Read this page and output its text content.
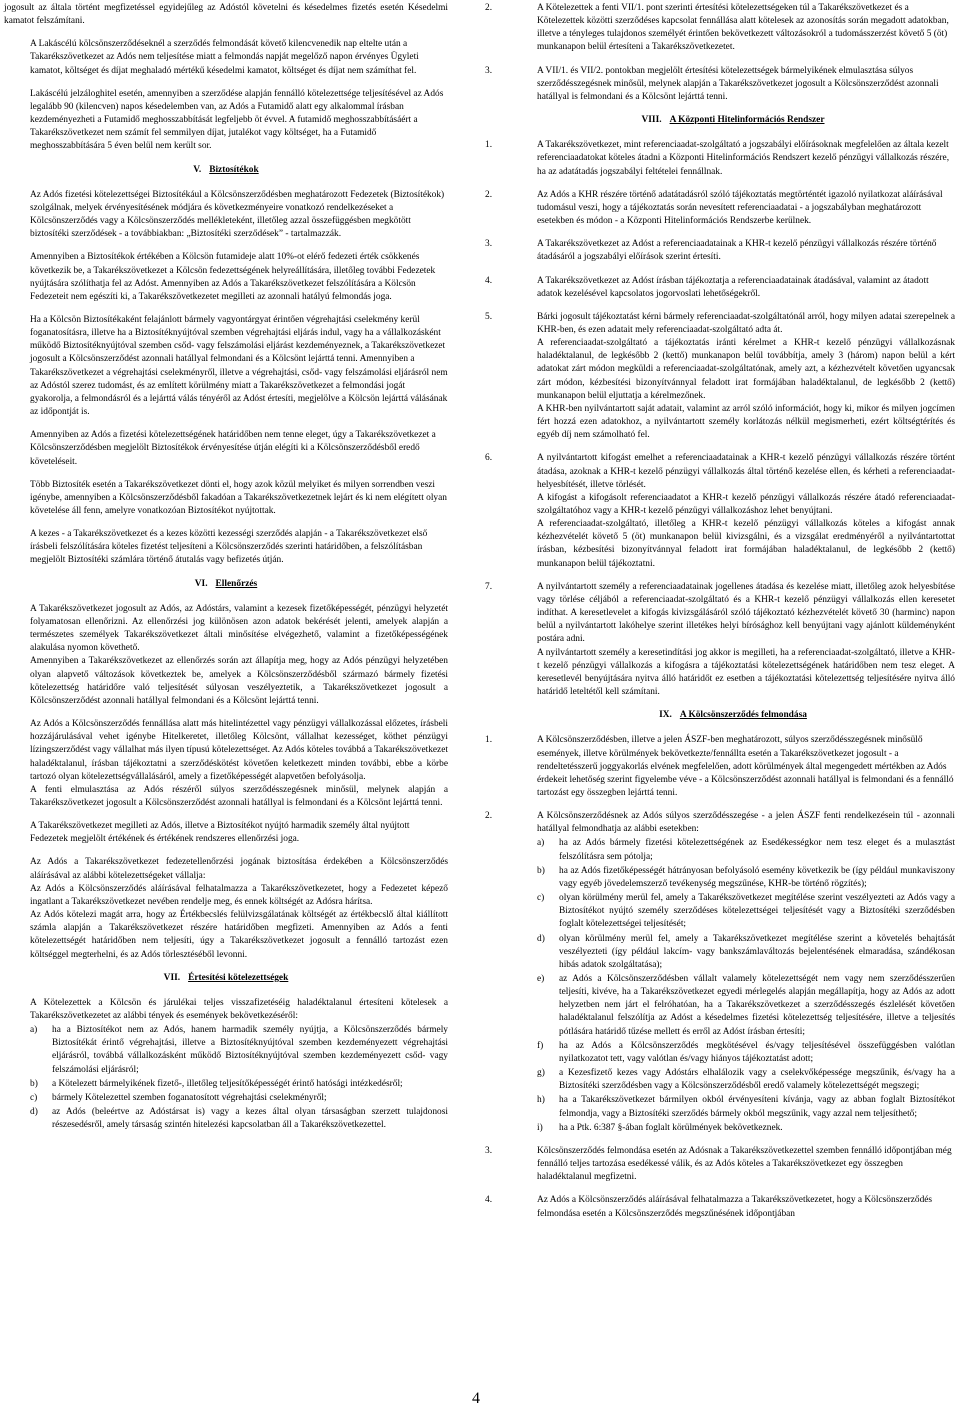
jogosult az általa történt megfizetéssel egyidejűleg az Adóstól követelni és késedelmes fizetés esetén Késedelmi kamatot felszámítani.

A Lakáscélú kölcsönszerződéseknél a szerződés felmondását követő kilencvenedik nap eltelte után a Takarékszövetkezet az Adós nem teljesítése miatt a felmondás napját megelőző napon érvényes Ügyleti kamatot, költséget és díjat meghaladó mértékű késedelmi kamatot, költséget és díjat nem számíthat fel.
Lakáscélú jelzáloghitel esetén, amennyiben a szerződése alapján fennálló kötelezettsége teljesítésével az Adós legalább 90 (kilencven) napos késedelemben van, az Adós a Futamidő alatt egy alkalommal írásban kezdeményezheti a Futamidő meghosszabbítását legfeljebb öt évvel. A futamidő meghosszabbításáért a Takarékszövetkezet nem számít fel semmilyen díjat, jutalékot vagy költséget, ha a Futamidő meghosszabbítására 5 éven belül nem került sor.
V. Biztosítékok
Az Adós fizetési kötelezettségei Biztosítékául a Kölcsönszerződésben meghatározott Fedezetek (Biztosítékok) szolgálnak, melyek érvényesítésének módjára és következményeire vonatkozó rendelkezéseket a Kölcsönszerződés vagy a Kölcsönszerződés mellékleteként, illetőleg azzal összefüggésben megkötött biztosítéki szerződések - a továbbiakban: „Biztosítéki szerződések” - tartalmazzák.
Amennyiben a Biztosítékok értékében a Kölcsön futamideje alatt 10%-ot elérő fedezeti érték csökkenés következik be, a Takarékszövetkezet a Kölcsön fedezettségének helyreállítására, illetőleg további Fedezetek nyújtására szólíthatja fel az Adóst. Amennyiben az Adós a Takarékszövetkezet felszólítására a Kölcsön Fedezeteit nem egészíti ki, a Takarékszövetkezetet megilleti az azonnali hatályú felmondás joga.
Ha a Kölcsön Biztosítékaként felajánlott bármely vagyontárgyat érintően végrehajtási cselekmény kerül foganatosításra, illetve ha a Biztosítéknyújtóval szemben végrehajtási eljárás indul, vagy ha a vállalkozásként működő Biztosítéknyújtóval szemben csőd- vagy felszámolási eljárást kezdeményeznek, a Takarékszövetkezet jogosult a Kölcsönszerződést azonnali hatállyal felmondani és a Kölcsönt lejárttá tenni. Amennyiben a Takarékszövetkezet a végrehajtási cselekményről, illetve a végrehajtási, csőd- vagy felszámolási eljárásról nem az Adóstól szerez tudomást, és az említett körülmény miatt a Takarékszövetkezet a felmondási jogát gyakorolja, a felmondásról és a lejárttá válás tényéről az Adóst értesíti, megjelölve a Kölcsön lejárttá válásának az időpontját is.
Amennyiben az Adós a fizetési kötelezettségének határidőben nem tenne eleget, úgy a Takarékszövetkezet a Kölcsönszerződésben megjelölt Biztosítékok érvényesítése útján elégíti ki a Kölcsönszerződésből eredő követeléseit.
Több Biztosíték esetén a Takarékszövetkezet dönti el, hogy azok közül melyiket és milyen sorrendben veszi igénybe, amennyiben a Kölcsönszerződésből fakadóan a Takarékszövetkezetnek lejárt és ki nem elégített olyan követelése áll fenn, amelyre vonatkozóan Biztosítékot nyújtottak.
A kezes - a Takarékszövetkezet és a kezes közötti kezességi szerződés alapján - a Takarékszövetkezet első írásbeli felszólítására köteles fizetést teljesíteni a Kölcsönszerződés szerinti határidőben, a felszólításban megjelölt Biztosítéki számlára történő átutalás vagy befizetés útján.
VI. Ellenőrzés

A Takarékszövetkezet jogosult az Adós, az Adóstárs, valamint a kezesek fizetőképességét, pénzügyi helyzetét folyamatosan ellenőrizni. Az ellenőrzési jog különösen azon adatok bekérését jelenti, amelyek alapján a természetes személyek Takarékszövetkezet általi minősítése elvégezhető, valamint a fizetőképességének alakulása nyomon követhető.

Amennyiben a Takarékszövetkezet az ellenőrzés során azt állapítja meg, hogy az Adós pénzügyi helyzetében olyan alapvető változások következtek be, amelyek a Kölcsönszerződésből származó bármely fizetési kötelezettség határidőre való teljesítését súlyosan veszélyeztetik, a Takarékszövetkezet jogosult a Kölcsönszerződést azonnali hatállyal felmondani és a Kölcsönt lejárttá tenni.

Az Adós a Kölcsönszerződés fennállása alatt más hitelintézettel vagy pénzügyi vállalkozással előzetes, írásbeli hozzájárulásával vehet igénybe Hitelkeretet, illetőleg Kölcsönt, vállalhat kezességet, köthet pénzügyi lízingszerződést vagy vállalhat más ilyen típusú kötelezettséget. Az Adós köteles továbbá a Takarékszövetkezet haladéktalanul, írásban tájékoztatni a szerződéskötést követően keletkezett minden további, ebbe a körbe tartozó olyan kötelezettségvállalásáról, amely a fizetőképességét alapvetően befolyásolja.

A fenti elmulasztása az Adós részéről súlyos szerződésszegésnek minősül, melynek alapján a Takarékszövetkezet jogosult a Kölcsönszerződést azonnali hatállyal is felmondani és a Kölcsönt lejárttá tenni.

A Takarékszövetkezet megilleti az Adós, illetve a Biztosítékot nyújtó harmadik személy által nyújtott Fedezetek megjelölt értékének és értékének rendszeres ellenőrzési joga.

Az Adós a Takarékszövetkezet fedezetellenőrzési jogának biztosítása érdekében a Kölcsönszerződés aláírásával az alábbi kötelezettségeket vállalja:

Az Adós a Kölcsönszerződés aláírásával felhatalmazza a Takarékszövetkezetet, hogy a Fedezetet képező ingatlant a Takarékszövetkezet nevében rendelje meg, és ennek költségét az Adósra hárítsa.

Az Adós kötelezi magát arra, hogy az Értékbecslés felülvizsgálatának költségét az értékbecslő által kiállított számla alapján a Takarékszövetkezet részére határidőben megfizeti. Amennyiben az Adós a fenti kötelezettségét határidőben nem teljesíti, úgy a Takarékszövetkezet jogosult a fennálló tartozást ezen költséggel megterhelni, és az Adós törlesztéséből levonni.

VII. Értesítési kötelezettségek

A Kötelezettek a Kölcsön és járulékai teljes visszafizetéséig haladéktalanul értesíteni kötelesek a Takarékszövetkezetet az alábbi tények és események bekövetkezéséről:

a)	ha a Biztosítékot nem az Adós, hanem harmadik személy nyújtja, a Kölcsönszerződés bármely Biztosítékát érintő végrehajtási, illetve a Biztosítéknyújtóval szemben kezdeményezett végrehajtási eljárásról, továbbá vállalkozásként működő Biztosítéknyújtóval szemben kezdeményezett csőd- vagy felszámolási eljárásról;
b)	a Kötelezett bármelyikének fizető-, illetőleg teljesítőképességét érintő hatósági intézkedésről;
c)	bármely Kötelezettel szemben foganatosított végrehajtási cselekményről;
d)	az Adós (beleértve az Adóstársat is) vagy a kezes által olyan társaságban szerzett tulajdonosi részesedésről, amely társaság szintén hitelezési kapcsolatban áll a Takarékszövetkezettel.
2.	A Kötelezettek a fenti VII/1. pont szerinti értesítési kötelezettségeken túl a Takarékszövetkezet és a Kötelezettek közötti szerződéses kapcsolat fennállása alatt kötelesek az azonosítás során megadott adatokban, illetve a tényleges tulajdonos személyét érintően bekövetkezett változásokról a tudomásszerzést követő 5 (öt) munkanapon belül értesíteni a Takarékszövetkezetet.
3.	A VII/1. és VII/2. pontokban megjelölt értesítési kötelezettségek bármelyikének elmulasztása súlyos szerződésszegésnek minősül, melynek alapján a Takarékszövetkezet jogosult a Kölcsönszerződést azonnali hatállyal is felmondani és a Kölcsönt lejárttá tenni.
VIII. A Központi Hitelinformációs Rendszer
1.	A Takarékszövetkezet, mint referenciaadat-szolgáltató a jogszabályi előírásoknak megfelelően az általa kezelt referenciaadatokat köteles átadni a Központi Hitelinformációs Rendszert kezelő pénzügyi vállalkozás részére, ha az adatátadás jogszabályi feltételei fennállnak.
2.	Az Adós a KHR részére történő adatátadásról szóló tájékoztatás megtörténtét igazoló nyilatkozat aláírásával tudomásul veszi, hogy a tájékoztatás során nevesített referenciaadatai - a jogszabályban meghatározott esetekben és módon - a Központi Hitelinformációs Rendszerbe kerülnek.
3.	A Takarékszövetkezet az Adóst a referenciaadatainak a KHR-t kezelő pénzügyi vállalkozás részére történő átadásáról a jogszabályi előírások szerint értesíti.
4.	A Takarékszövetkezet az Adóst írásban tájékoztatja a referenciaadatainak átadásával, valamint az átadott adatok kezelésével kapcsolatos jogorvoslati lehetőségekről.

5.	Bárki jogosult tájékoztatást kérni bármely referenciaadat-szolgáltatónál arról, hogy milyen adatai szerepelnek a KHR-ben, és ezen adatait mely referenciaadat-szolgáltató adta át.

A referenciaadat-szolgáltató a tájékoztatás iránti kérelmet a KHR-t kezelő pénzügyi vállalkozásnak haladéktalanul, de legkésőbb 2 (kettő) munkanapon belül továbbítja, amely 3 (három) napon belül a kért adatokat zárt módon megküldi a referenciaadat-szolgáltatónak, amely azt, a kézhezvételt követően ugyancsak zárt módon, kézbesítési bizonyítvánnyal feladott irat formájában haladéktalanul, de legkésőbb 2 (kettő) munkanapon belül eljuttatja a kérelmezőnek.

A KHR-ben nyilvántartott saját adatait, valamint az arról szóló információt, hogy ki, mikor és milyen jogcímen fért hozzá ezen adatokhoz, a nyilvántartott személy korlátozás nélkül megismerheti, ezért költségtérítés és egyéb díj nem számolható fel.

6.	A nyilvántartott kifogást emelhet a referenciaadatainak a KHR-t kezelő pénzügyi vállalkozás részére történt átadása, azoknak a KHR-t kezelő pénzügyi vállalkozás által történő kezelése ellen, és kérheti a referenciaadat-helyesbítését, illetve törlését.

A kifogást a kifogásolt referenciaadatot a KHR-t kezelő pénzügyi vállalkozás részére átadó referenciaadat-szolgáltatóhoz vagy a KHR-t kezelő pénzügyi vállalkozáshoz lehet benyújtani.

A referenciaadat-szolgáltató, illetőleg a KHR-t kezelő pénzügyi vállalkozás köteles a kifogást annak kézhezvételét követő 5 (öt) munkanapon belül kivizsgálni, és a vizsgálat eredményéről a nyilvántartottat írásban, kézbesítési bizonyítvánnyal feladott irat formájában haladéktalanul, de legkésőbb 2 (kettő) munkanapon belül tájékoztatni.

7.	A nyilvántartott személy a referenciaadatainak jogellenes átadása és kezelése miatt, illetőleg azok helyesbítése vagy törlése céljából a referenciaadat-szolgáltató és a KHR-t kezelő pénzügyi vállalkozás ellen keresetet indíthat. A keresetlevelet a kifogás kivizsgálásáról szóló tájékoztató kézhezvételét követő 30 (harminc) napon belül a nyilvántartott lakóhelye szerint illetékes helyi bírósághoz kell benyújtani vagy ajánlott küldeményként postára adni.

A nyilvántartott személy a keresetindítási jog akkor is megilleti, ha a referenciaadat-szolgáltató, illetve a KHR-t kezelő pénzügyi vállalkozás a kifogásra a tájékoztatási kötelezettségének határidőben nem tesz eleget. A keresetlevél benyújtására nyitva álló határidőt ez esetben a tájékoztatási kötelezettség teljesítésére nyitva álló határidő leteltétől kell számítani.

IX. A Kölcsönszerződés felmondása
1.	A Kölcsönszerződésben, illetve a jelen ÁSZF-ben meghatározott, súlyos szerződésszegésnek minősülő események, illetve körülmények bekövetkezte/fennállta esetén a Takarékszövetkezet jogosult - a rendeltetésszerű joggyakorlás elvének megfelelően, adott körülmények által megengedett mértékben az Adós érdekeit lehetőség szerint figyelembe véve - a Kölcsönszerződést azonnali hatállyal is felmondani és a fennálló tartozást egy összegben lejárttá tenni.

2.	A Kölcsönszerződésnek az Adós súlyos szerződésszegése - a jelen ÁSZF fenti rendelkezésein túl - azonnali hatállyal felmondhatja az alábbi esetekben:

a)	ha az Adós bármely fizetési kötelezettségének az Esedékességkor nem tesz eleget és a mulasztást felszólításra sem pótolja;
b)	ha az Adós fizetőképességét hátrányosan befolyásoló esemény következik be (így például munkaviszony vagy egyéb jövedelemszerző tevékenység megszűnése, KHR-be történő rögzítés);
c)	olyan körülmény merül fel, amely a Takarékszövetkezet megítélése szerint veszélyezteti az Adós vagy a Biztosítékot nyújtó személy szerződéses kötelezettségei teljesítését vagy a Biztosítéki szerződésben foglalt kötelezettségei teljesítését;
d)	olyan körülmény merül fel, amely a Takarékszövetkezet megítélése szerint a követelés behajtását veszélyezteti (így például lakcím- vagy bankszámlaváltozás bejelentésének elmaradása, szándékosan hibás adatok szolgáltatása);
e)	az Adós a Kölcsönszerződésben vállalt valamely kötelezettségét nem vagy nem szerződésszerűen teljesíti, kivéve, ha a Takarékszövetkezet egyedi mérlegelés alapján megállapítja, hogy az Adós az adott helyzetben nem járt el felróhatóan, ha a Takarékszövetkezet a szerződésszegés észlelését követően haladéktalanul felszólítja az Adóst a késedelmes fizetési kötelezettség teljesítésére, illetve a teljesítés pótlására határidő tűzése mellett és erről az Adóst írásban értesíti;
f)	ha az Adós a Kölcsönszerződés megkötésével és/vagy teljesítésével összefüggésben valótlan nyilatkozatot tett, vagy valótlan és/vagy hiányos tájékoztatást adott;
g)	a Kezesfizető kezes vagy Adóstárs elhalálozik vagy a cselekvőképessége megszűnik, és/vagy ha a Biztosítéki szerződésben vagy a Kölcsönszerződésből eredő valamely kötelezettségét megszegi;
h)	ha a Takarékszövetkezet bármilyen okból érvényesíteni kívánja, vagy az abban foglalt Biztosítékot felmondja, vagy a Biztosítéki szerződés bármely okból megszűnik, vagy azzal nem teljesíthető;
i)	ha a Ptk. 6:387 §-ában foglalt körülmények bekövetkeznek.
3.	Kölcsönszerződés felmondása esetén az Adósnak a Takarékszövetkezettel szemben fennálló időpontjában még fennálló teljes tartozása esedékessé válik, és az Adós köteles a Takarékszövetkezet egy összegben haladéktalanul megfizetni.
4.	Az Adós a Kölcsönszerződés aláírásával felhatalmazza a Takarékszövetkezetet, hogy a Kölcsönszerződés felmondása esetén a Kölcsönszerződés megszűnésének időpontjában
4
